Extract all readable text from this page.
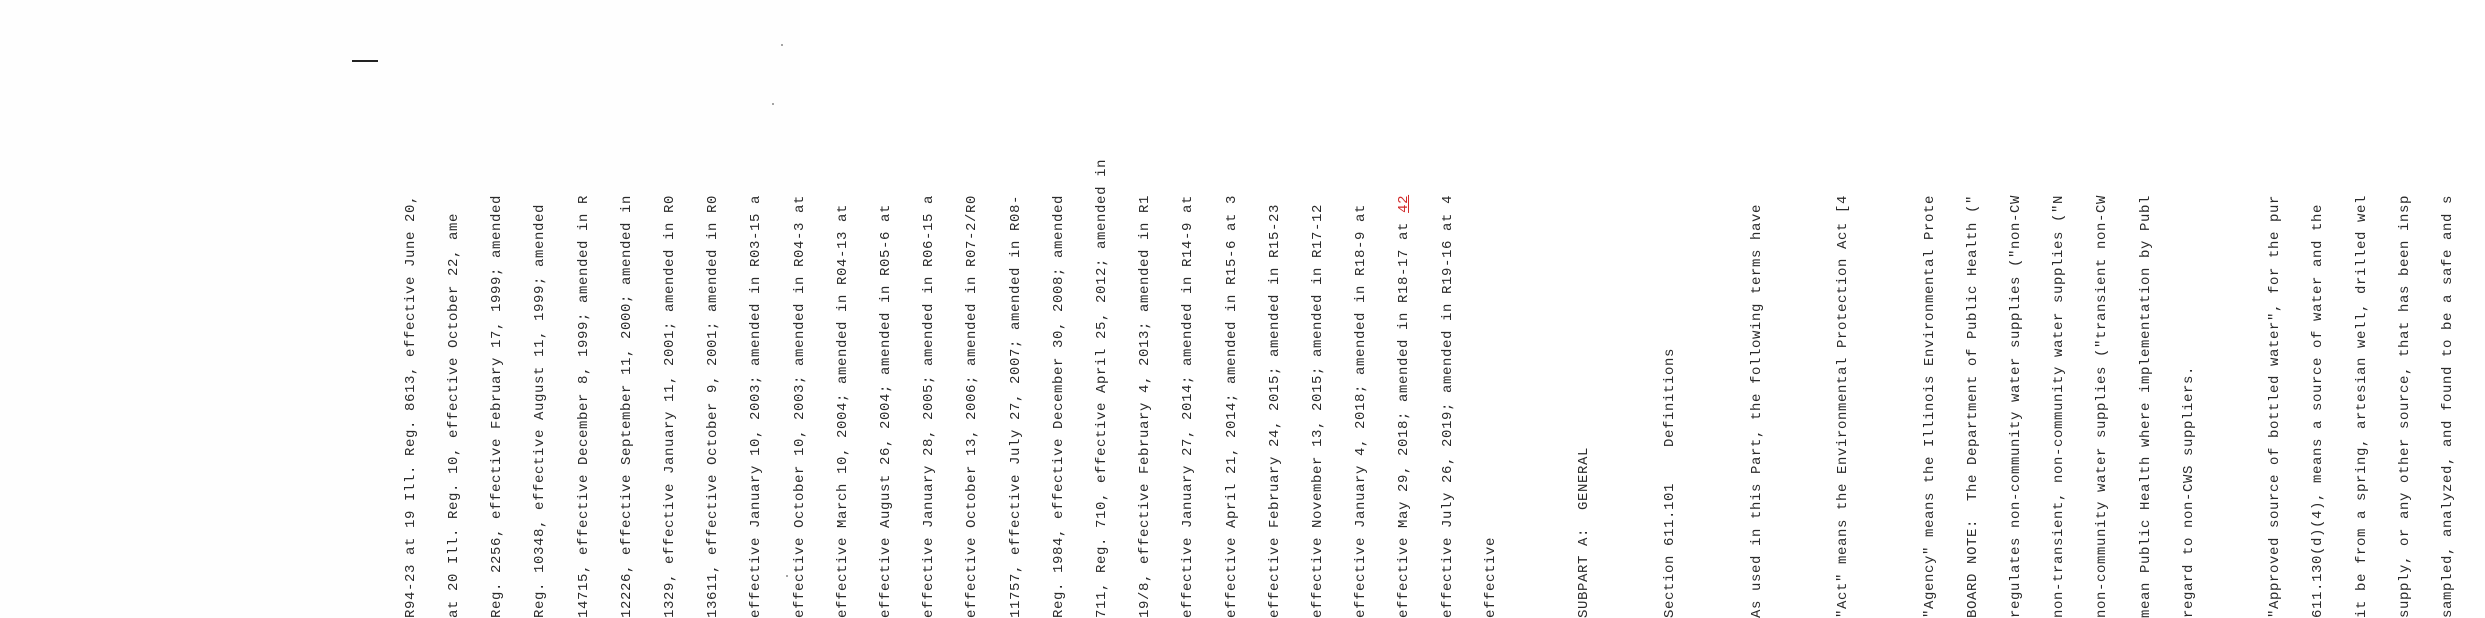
R94-23 at 19 Ill. Reg. 8613, effective June 20,

at 20 Ill. Reg. 10, effective October 22, ame

Reg. 2256, effective February 17, 1999; amended

Reg. 10348, effective August 11, 1999; amended

14715, effective December 8, 1999; amended in R

12226, effective September 11, 2000; amended in

1329, effective January 11, 2001; amended in R0

13611, effective October 9, 2001; amended in R0

effective January 10, 2003; amended in R03-15 a

effective October 10, 2003; amended in R04-3 at

effective March 10, 2004; amended in R04-13 at

effective August 26, 2004; amended in R05-6 at

effective January 28, 2005; amended in R06-15 a

effective October 13, 2006; amended in R07-2/R0

11757, effective July 27, 2007; amended in R08-

Reg. 1984, effective December 30, 2008; amended

711, Reg. 710, effective April 25, 2012; amended in

19/8, effective February 4, 2013; amended in R1

effective January 27, 2014; amended in R14-9 at

effective April 21, 2014; amended in R15-6 at 3

effective February 24, 2015; amended in R15-23

effective November 13, 2015; amended in R17-12

effective January 4, 2018; amended in R18-9 at

effective May 29, 2018; amended in R18-17 at 42

effective July 26, 2019; amended in R19-16 at 4

effective

	SUBPART A:  GENERAL

	Section 611.101    Definitions

	As used in this Part, the following terms have

	"Act" means the Environmental Protection Act [4

	"Agency" means the Illinois Environmental Prote

BOARD NOTE:  The Department of Public Health ("

regulates non-community water supplies ("non-CW

non-transient, non-community water supplies ("N

non-community water supplies ("transient non-CW

mean Public Health where implementation by Publ

regard to non-CWS suppliers.

	"Approved source of bottled water", for the pur

611.130(d)(4), means a source of water and the

it be from a spring, artesian well, drilled wel

supply, or any other source, that has been insp

sampled, analyzed, and found to be a safe and s
